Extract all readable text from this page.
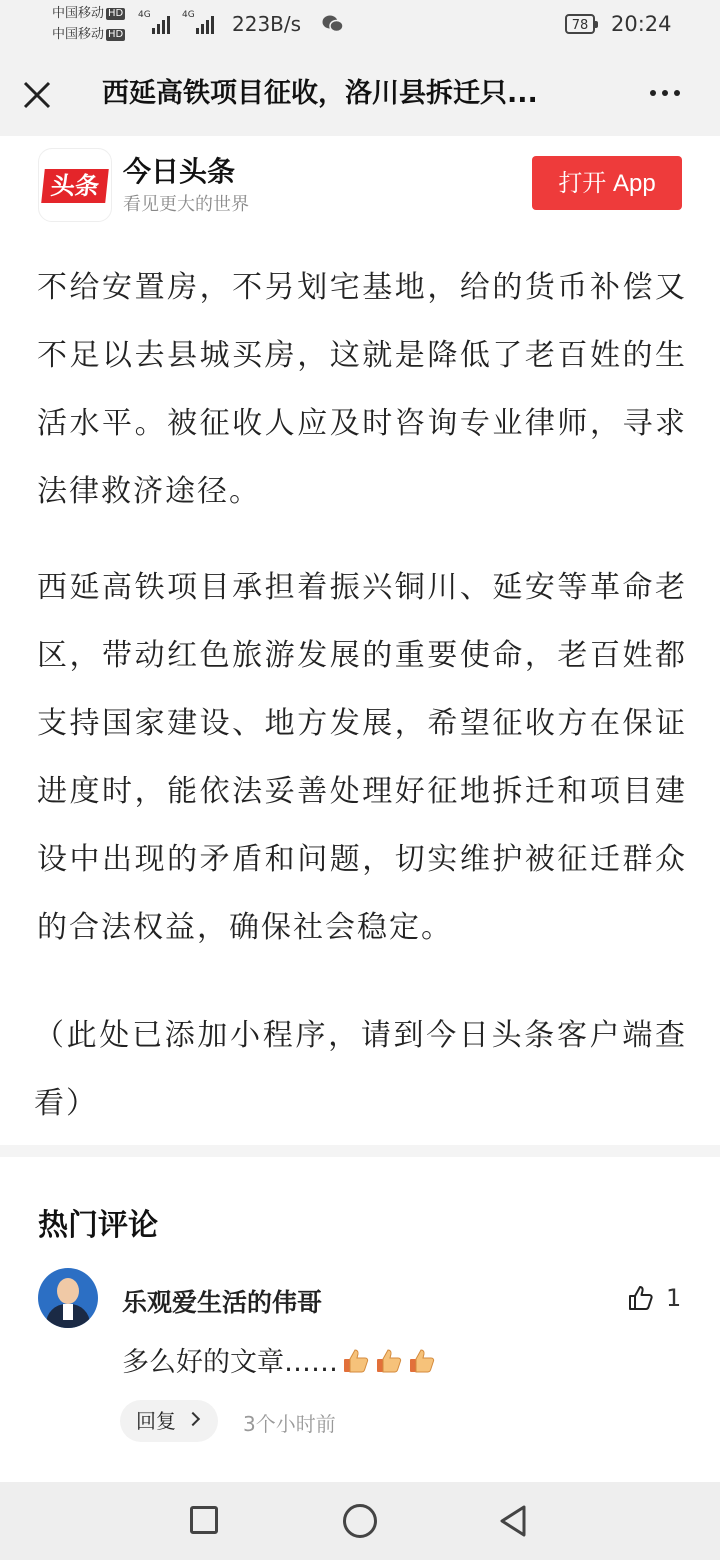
中国移动 HD
中国移动 HD
4G	4G 223B/s	78	20:24
西延高铁项目征收，洛川县拆迁只...
头条 今日头条
看见更大的世界
打开 App

不给安置房，不另划宅基地，给的货币补偿又不足以去县城买房，这就是降低了老百姓的生活水平。被征收人应及时咨询专业律师，寻求法律救济途径。

西延高铁项目承担着振兴铜川、延安等革命老区，带动红色旅游发展的重要使命，老百姓都支持国家建设、地方发展，希望征收方在保证进度时，能依法妥善处理好征地拆迁和项目建设中出现的矛盾和问题，切实维护被征迁群众的合法权益，确保社会稳定。

（此处已添加小程序，请到今日头条客户端查看）

热门评论
乐观爱生活的伟哥	1
多么好的文章……
回复	3个小时前
